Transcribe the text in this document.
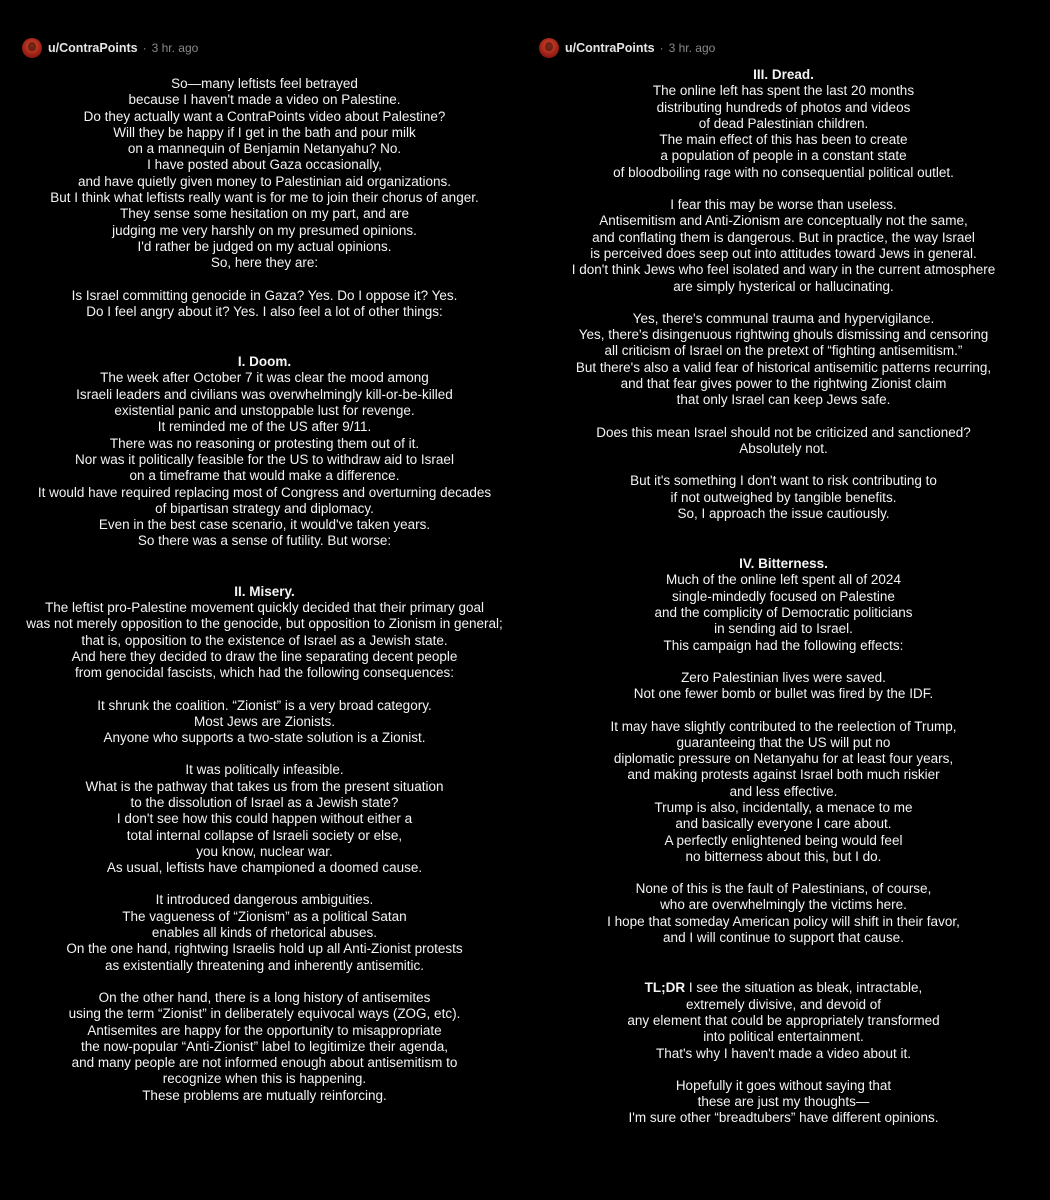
u/ContraPoints · 3 hr. ago

So—many leftists feel betrayed
because I haven't made a video on Palestine.
Do they actually want a ContraPoints video about Palestine?
Will they be happy if I get in the bath and pour milk
on a mannequin of Benjamin Netanyahu? No.
I have posted about Gaza occasionally,
and have quietly given money to Palestinian aid organizations.
But I think what leftists really want is for me to join their chorus of anger.
They sense some hesitation on my part, and are
judging me very harshly on my presumed opinions.
I'd rather be judged on my actual opinions.
So, here they are:

Is Israel committing genocide in Gaza? Yes. Do I oppose it? Yes.
Do I feel angry about it? Yes. I also feel a lot of other things:

I. Doom.

The week after October 7 it was clear the mood among
Israeli leaders and civilians was overwhelmingly kill-or-be-killed
existential panic and unstoppable lust for revenge.
It reminded me of the US after 9/11.
There was no reasoning or protesting them out of it.
Nor was it politically feasible for the US to withdraw aid to Israel
on a timeframe that would make a difference.
It would have required replacing most of Congress and overturning decades
of bipartisan strategy and diplomacy.
Even in the best case scenario, it would've taken years.
So there was a sense of futility. But worse:

II. Misery.

The leftist pro-Palestine movement quickly decided that their primary goal
was not merely opposition to the genocide, but opposition to Zionism in general;
that is, opposition to the existence of Israel as a Jewish state.
And here they decided to draw the line separating decent people
from genocidal fascists, which had the following consequences:

It shrunk the coalition. “Zionist” is a very broad category.
Most Jews are Zionists.
Anyone who supports a two-state solution is a Zionist.

It was politically infeasible.
What is the pathway that takes us from the present situation
to the dissolution of Israel as a Jewish state?
I don't see how this could happen without either a
total internal collapse of Israeli society or else,
you know, nuclear war.
As usual, leftists have championed a doomed cause.

It introduced dangerous ambiguities.
The vagueness of “Zionism” as a political Satan
enables all kinds of rhetorical abuses.
On the one hand, rightwing Israelis hold up all Anti-Zionist protests
as existentially threatening and inherently antisemitic.

On the other hand, there is a long history of antisemites
using the term “Zionist” in deliberately equivocal ways (ZOG, etc).
Antisemites are happy for the opportunity to misappropriate
the now-popular “Anti-Zionist” label to legitimize their agenda,
and many people are not informed enough about antisemitism to
recognize when this is happening.
These problems are mutually reinforcing.

u/ContraPoints · 3 hr. ago

III. Dread.

The online left has spent the last 20 months
distributing hundreds of photos and videos
of dead Palestinian children.
The main effect of this has been to create
a population of people in a constant state
of bloodboiling rage with no consequential political outlet.

I fear this may be worse than useless.
Antisemitism and Anti-Zionism are conceptually not the same,
and conflating them is dangerous. But in practice, the way Israel
is perceived does seep out into attitudes toward Jews in general.
I don't think Jews who feel isolated and wary in the current atmosphere
are simply hysterical or hallucinating.

Yes, there's communal trauma and hypervigilance.
Yes, there's disingenuous rightwing ghouls dismissing and censoring
all criticism of Israel on the pretext of “fighting antisemitism.”
But there's also a valid fear of historical antisemitic patterns recurring,
and that fear gives power to the rightwing Zionist claim
that only Israel can keep Jews safe.

Does this mean Israel should not be criticized and sanctioned?
Absolutely not.

But it's something I don't want to risk contributing to
if not outweighed by tangible benefits.
So, I approach the issue cautiously.

IV. Bitterness.

Much of the online left spent all of 2024
single-mindedly focused on Palestine
and the complicity of Democratic politicians
in sending aid to Israel.
This campaign had the following effects:

Zero Palestinian lives were saved.
Not one fewer bomb or bullet was fired by the IDF.

It may have slightly contributed to the reelection of Trump,
guaranteeing that the US will put no
diplomatic pressure on Netanyahu for at least four years,
and making protests against Israel both much riskier
and less effective.
Trump is also, incidentally, a menace to me
and basically everyone I care about.
A perfectly enlightened being would feel
no bitterness about this, but I do.

None of this is the fault of Palestinians, of course,
who are overwhelmingly the victims here.
I hope that someday American policy will shift in their favor,
and I will continue to support that cause.

TL;DR I see the situation as bleak, intractable,
extremely divisive, and devoid of
any element that could be appropriately transformed
into political entertainment.
That's why I haven't made a video about it.

Hopefully it goes without saying that
these are just my thoughts—
I'm sure other “breadtubers” have different opinions.
